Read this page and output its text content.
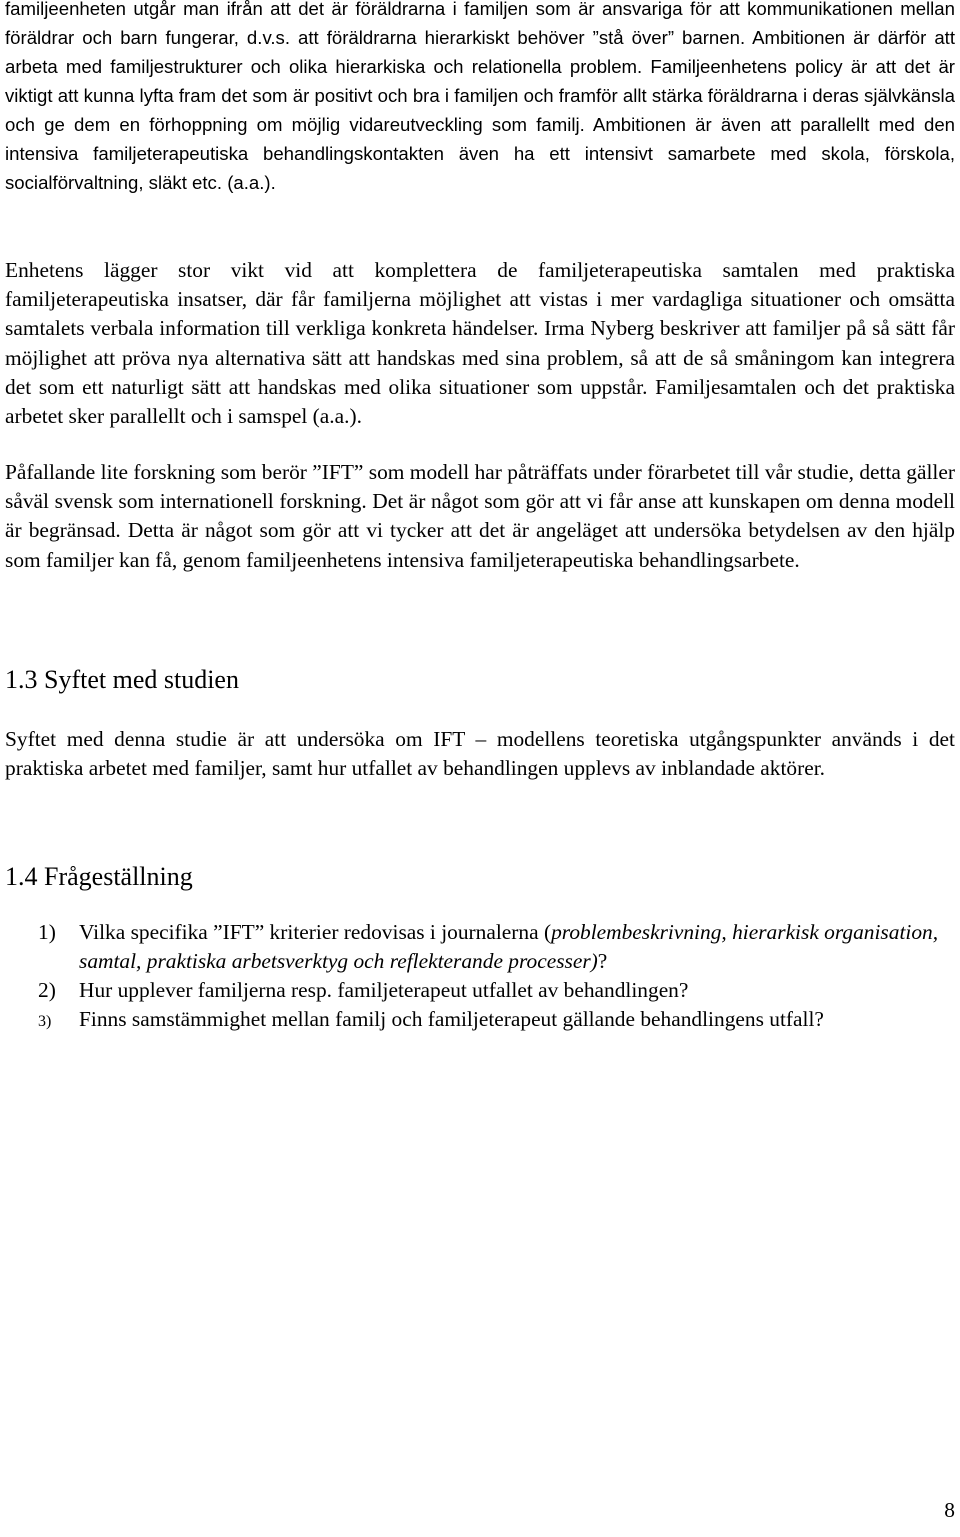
familjeenheten utgår man ifrån att det är föräldrarna i familjen som är ansvariga för att kommunikationen mellan föräldrar och barn fungerar, d.v.s. att föräldrarna hierarkiskt behöver ”stå över” barnen. Ambitionen är därför att arbeta med familjestrukturer och olika hierarkiska och relationella problem. Familjeenhetens policy är att det är viktigt att kunna lyfta fram det som är positivt och bra i familjen och framför allt stärka föräldrarna i deras självkänsla och ge dem en förhoppning om möjlig vidareutveckling som familj. Ambitionen är även att parallellt med den intensiva familjeterapeutiska behandlingskontakten även ha ett intensivt samarbete med skola, förskola, socialförvaltning, släkt etc. (a.a.).

Enhetens lägger stor vikt vid att komplettera de familjeterapeutiska samtalen med praktiska familjeterapeutiska insatser, där får familjerna möjlighet att vistas i mer vardagliga situationer och omsätta samtalets verbala information till verkliga konkreta händelser. Irma Nyberg beskriver att familjer på så sätt får möjlighet att pröva nya alternativa sätt att handskas med sina problem, så att de så småningom kan integrera det som ett naturligt sätt att handskas med olika situationer som uppstår. Familjesamtalen och det praktiska arbetet sker parallellt och i samspel (a.a.).

Påfallande lite forskning som berör ”IFT” som modell har påträffats under förarbetet till vår studie, detta gäller såväl svensk som internationell forskning. Det är något som gör att vi får anse att kunskapen om denna modell är begränsad. Detta är något som gör att vi tycker att det är angeläget att undersöka betydelsen av den hjälp som familjer kan få, genom familjeenhetens intensiva familjeterapeutiska behandlingsarbete.

1.3 Syftet med studien

Syftet med denna studie är att undersöka om IFT – modellens teoretiska utgångspunkter används i det praktiska arbetet med familjer, samt hur utfallet av behandlingen upplevs av inblandade aktörer.

1.4 Frågeställning
1) Vilka specifika ”IFT” kriterier redovisas i journalerna (problembeskrivning, hierarkisk organisation, samtal, praktiska arbetsverktyg och reflekterande processer)?
2) Hur upplever familjerna resp. familjeterapeut utfallet av behandlingen?
3) Finns samstämmighet mellan familj och familjeterapeut gällande behandlingens utfall?
8
